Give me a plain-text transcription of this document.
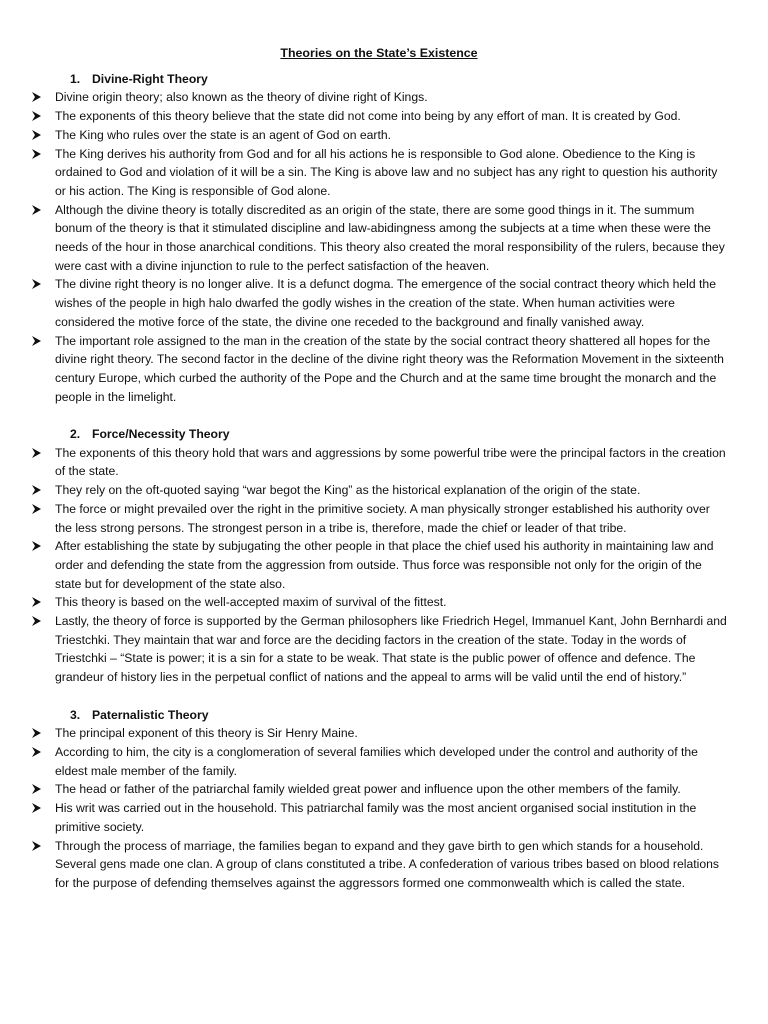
Theories on the State’s Existence
1. Divine-Right Theory
Divine origin theory; also known as the theory of divine right of Kings.
The exponents of this theory believe that the state did not come into being by any effort of man. It is created by God.
The King who rules over the state is an agent of God on earth.
The King derives his authority from God and for all his actions he is responsible to God alone. Obedience to the King is ordained to God and violation of it will be a sin. The King is above law and no subject has any right to question his authority or his action. The King is responsible of God alone.
Although the divine theory is totally discredited as an origin of the state, there are some good things in it. The summum bonum of the theory is that it stimulated discipline and law-abidingness among the subjects at a time when these were the needs of the hour in those anarchical conditions. This theory also created the moral responsibility of the rulers, because they were cast with a divine injunction to rule to the perfect satisfaction of the heaven.
The divine right theory is no longer alive. It is a defunct dogma. The emergence of the social contract theory which held the wishes of the people in high halo dwarfed the godly wishes in the creation of the state. When human activities were considered the motive force of the state, the divine one receded to the background and finally vanished away.
The important role assigned to the man in the creation of the state by the social contract theory shattered all hopes for the divine right theory. The second factor in the decline of the divine right theory was the Reformation Movement in the sixteenth century Europe, which curbed the authority of the Pope and the Church and at the same time brought the monarch and the people in the limelight.
2. Force/Necessity Theory
The exponents of this theory hold that wars and aggressions by some powerful tribe were the principal factors in the creation of the state.
They rely on the oft-quoted saying “war begot the King” as the historical explanation of the origin of the state.
The force or might prevailed over the right in the primitive society. A man physically stronger established his authority over the less strong persons. The strongest person in a tribe is, therefore, made the chief or leader of that tribe.
After establishing the state by subjugating the other people in that place the chief used his authority in maintaining law and order and defending the state from the aggression from outside. Thus force was responsible not only for the origin of the state but for development of the state also.
This theory is based on the well-accepted maxim of survival of the fittest.
Lastly, the theory of force is supported by the German philosophers like Friedrich Hegel, Immanuel Kant, John Bernhardi and Triestchki. They maintain that war and force are the deciding factors in the creation of the state. Today in the words of Triestchki – “State is power; it is a sin for a state to be weak. That state is the public power of offence and defence. The grandeur of history lies in the perpetual conflict of nations and the appeal to arms will be valid until the end of history.”
3. Paternalistic Theory
The principal exponent of this theory is Sir Henry Maine.
According to him, the city is a conglomeration of several families which developed under the control and authority of the eldest male member of the family.
The head or father of the patriarchal family wielded great power and influence upon the other members of the family.
His writ was carried out in the household. This patriarchal family was the most ancient organised social institution in the primitive society.
Through the process of marriage, the families began to expand and they gave birth to gen which stands for a household. Several gens made one clan. A group of clans constituted a tribe. A confederation of various tribes based on blood relations for the purpose of defending themselves against the aggressors formed one commonwealth which is called the state.
